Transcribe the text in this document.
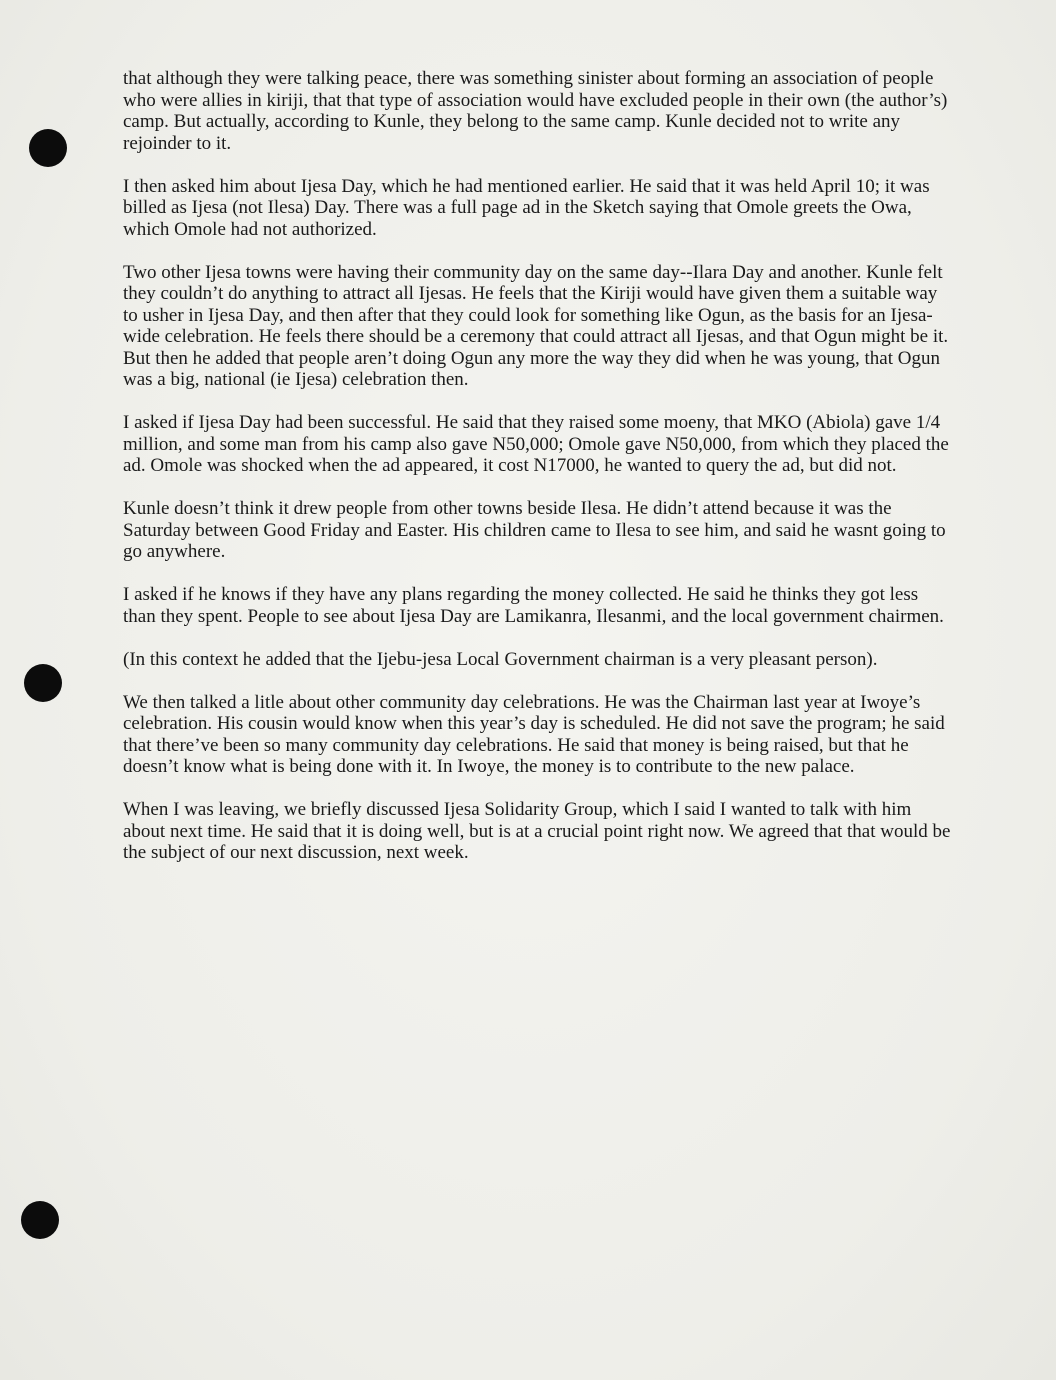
that although they were talking peace, there was something sinister about forming an association of people who were allies in kiriji, that that type of association would have excluded people in their own (the author’s) camp. But actually, according to Kunle, they belong to the same camp. Kunle decided not to write any rejoinder to it.

I then asked him about Ijesa Day, which he had mentioned earlier. He said that it was held April 10; it was billed as Ijesa (not Ilesa) Day. There was a full page ad in the Sketch saying that Omole greets the Owa, which Omole had not authorized.

Two other Ijesa towns were having their community day on the same day--Ilara Day and another. Kunle felt they couldn’t do anything to attract all Ijesas. He feels that the Kiriji would have given them a suitable way to usher in Ijesa Day, and then after that they could look for something like Ogun, as the basis for an Ijesa-wide celebration. He feels there should be a ceremony that could attract all Ijesas, and that Ogun might be it. But then he added that people aren’t doing Ogun any more the way they did when he was young, that Ogun was a big, national (ie Ijesa) celebration then.

I asked if Ijesa Day had been successful. He said that they raised some moeny, that MKO (Abiola) gave 1/4 million, and some man from his camp also gave N50,000; Omole gave N50,000, from which they placed the ad. Omole was shocked when the ad appeared, it cost N17000, he wanted to query the ad, but did not.

Kunle doesn’t think it drew people from other towns beside Ilesa. He didn’t attend because it was the Saturday between Good Friday and Easter. His children came to Ilesa to see him, and said he wasnt going to go anywhere.

I asked if he knows if they have any plans regarding the money collected. He said he thinks they got less than they spent. People to see about Ijesa Day are Lamikanra, Ilesanmi, and the local government chairmen.

(In this context he added that the Ijebu-jesa Local Government chairman is a very pleasant person).

We then talked a litle about other community day celebrations. He was the Chairman last year at Iwoye’s celebration. His cousin would know when this year’s day is scheduled. He did not save the program; he said that there’ve been so many community day celebrations. He said that money is being raised, but that he doesn’t know what is being done with it. In Iwoye, the money is to contribute to the new palace.

When I was leaving, we briefly discussed Ijesa Solidarity Group, which I said I wanted to talk with him about next time. He said that it is doing well, but is at a crucial point right now. We agreed that that would be the subject of our next discussion, next week.
